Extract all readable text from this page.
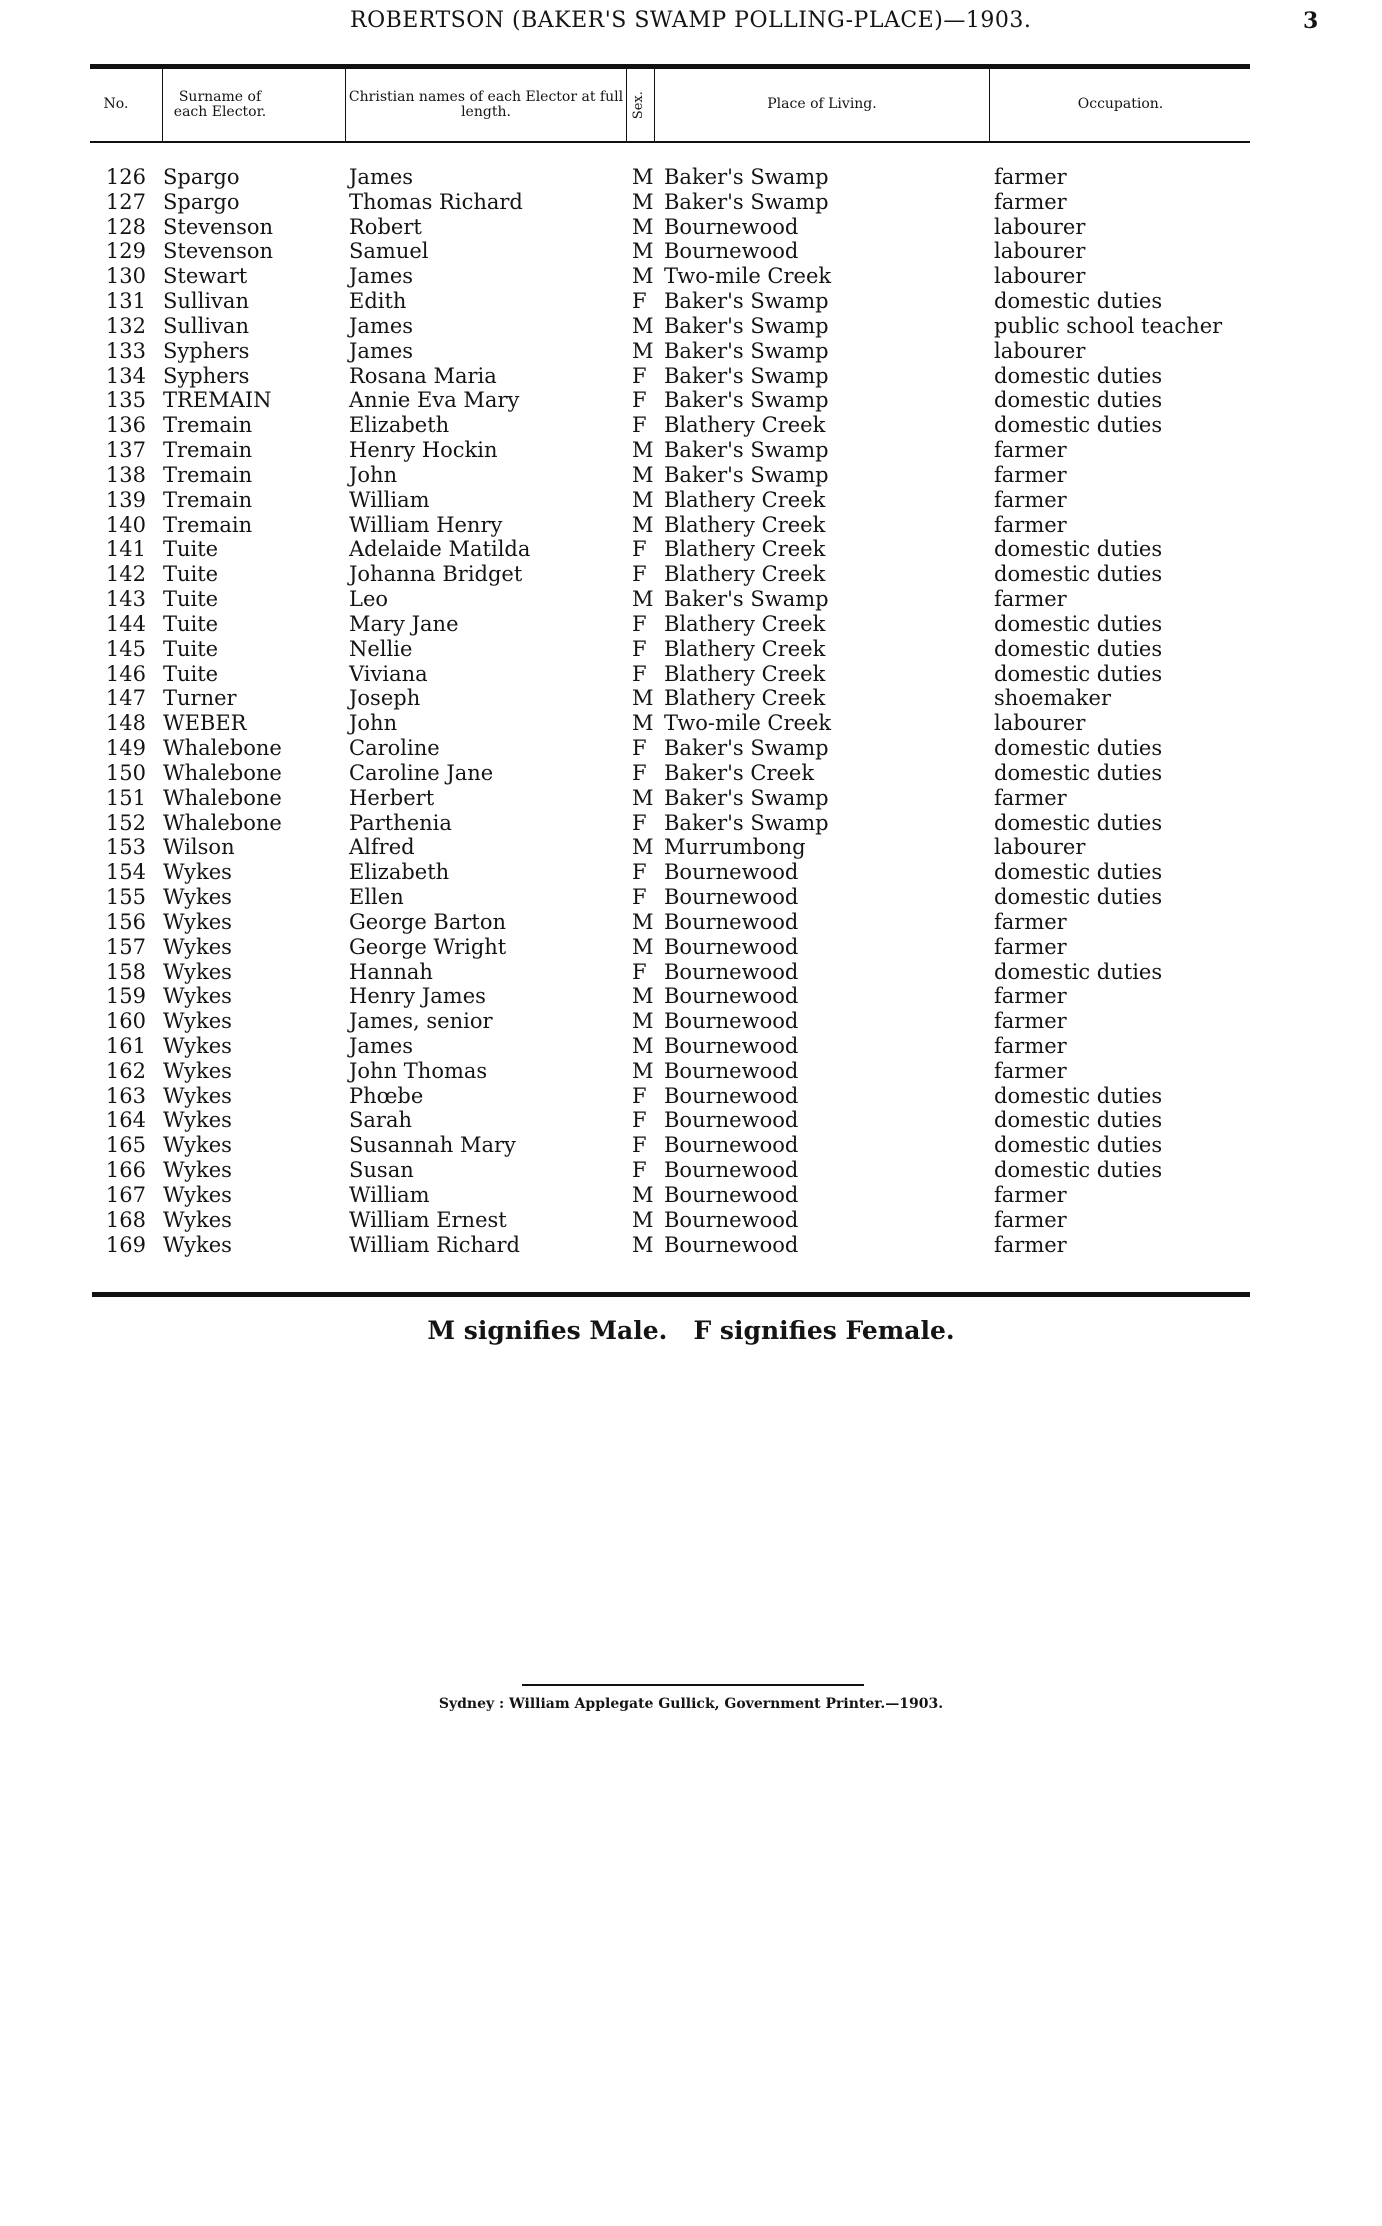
ROBERTSON (BAKER'S SWAMP POLLING-PLACE)—1903.	3
No.	Surname of each Elector.
Christian names of each Elector at full length.	Sex.	Place of Living.	Occupation.
126 Spargo	James	M Baker's Swamp	farmer
127 Spargo	Thomas Richard	M Baker's Swamp	farmer
128 Stevenson	Robert	M Bournewood	labourer
129 Stevenson	Samuel	M Bournewood	labourer
130 Stewart	James	M Two-mile Creek	labourer
131 Sullivan	Edith	F Baker's Swamp	domestic duties
132 Sullivan	James	M Baker's Swamp	public school teacher
133 Syphers	James	M Baker's Swamp	labourer
134 Syphers	Rosana Maria	F Baker's Swamp	domestic duties
135 TREMAIN	Annie Eva Mary	F Baker's Swamp	domestic duties
136 Tremain	Elizabeth	F Blathery Creek	domestic duties
137 Tremain	Henry Hockin	M Baker's Swamp	farmer
138 Tremain	John	M Baker's Swamp	farmer
139 Tremain	William	M Blathery Creek	farmer
140 Tremain	William Henry	M Blathery Creek	farmer
141 Tuite	Adelaide Matilda	F Blathery Creek	domestic duties
142 Tuite	Johanna Bridget	F Blathery Creek	domestic duties
143 Tuite	Leo	M Baker's Swamp	farmer
144 Tuite	Mary Jane	F Blathery Creek	domestic duties
145 Tuite	Nellie	F Blathery Creek	domestic duties
146 Tuite	Viviana	F Blathery Creek	domestic duties
147 Turner	Joseph	M Blathery Creek	shoemaker
148 WEBER	John	M Two-mile Creek	labourer
149 Whalebone	Caroline	F Baker's Swamp	domestic duties
150 Whalebone	Caroline Jane	F Baker's Creek	domestic duties
151 Whalebone	Herbert	M Baker's Swamp	farmer
152 Whalebone	Parthenia	F Baker's Swamp	domestic duties
153 Wilson	Alfred	M Murrumbong	labourer
154 Wykes	Elizabeth	F Bournewood	domestic duties
155 Wykes	Ellen	F Bournewood	domestic duties
156 Wykes	George Barton	M Bournewood	farmer
157 Wykes	George Wright	M Bournewood	farmer
158 Wykes	Hannah	F Bournewood	domestic duties
159 Wykes	Henry James	M Bournewood	farmer
160 Wykes	James, senior	M Bournewood	farmer
161 Wykes	James	M Bournewood	farmer
162 Wykes	John Thomas	M Bournewood	farmer
163 Wykes	Phœbe	F Bournewood	domestic duties
164 Wykes	Sarah	F Bournewood	domestic duties
165 Wykes	Susannah Mary	F Bournewood	domestic duties
166 Wykes	Susan	F Bournewood	domestic duties
167 Wykes	William	M Bournewood	farmer
168 Wykes	William Ernest	M Bournewood	farmer
169 Wykes	William Richard	M Bournewood	farmer
M signifies Male.   F signifies Female.
Sydney : William Applegate Gullick, Government Printer.—1903.
